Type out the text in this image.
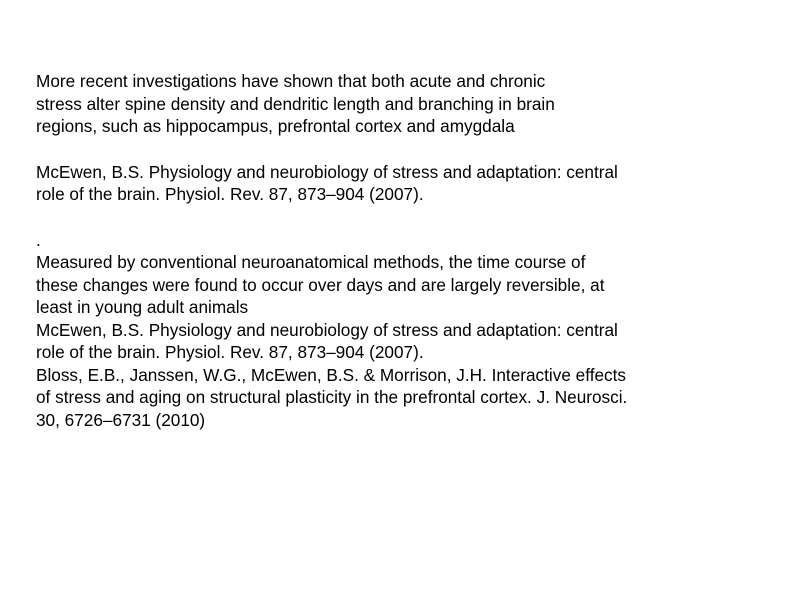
More recent investigations have shown that both acute and chronic
stress alter spine density and dendritic length and branching in brain
regions, such as hippocampus, prefrontal cortex and amygdala
McEwen, B.S. Physiology and neurobiology of stress and adaptation: central
role of the brain. Physiol. Rev. 87, 873–904 (2007).
.
Measured by conventional neuroanatomical methods, the time course of
these changes were found to occur over days and are largely reversible, at
least in young adult animals
McEwen, B.S. Physiology and neurobiology of stress and adaptation: central
role of the brain. Physiol. Rev. 87, 873–904 (2007).
Bloss, E.B., Janssen, W.G., McEwen, B.S. & Morrison, J.H. Interactive effects
of stress and aging on structural plasticity in the prefrontal cortex. J. Neurosci.
30, 6726–6731 (2010)
